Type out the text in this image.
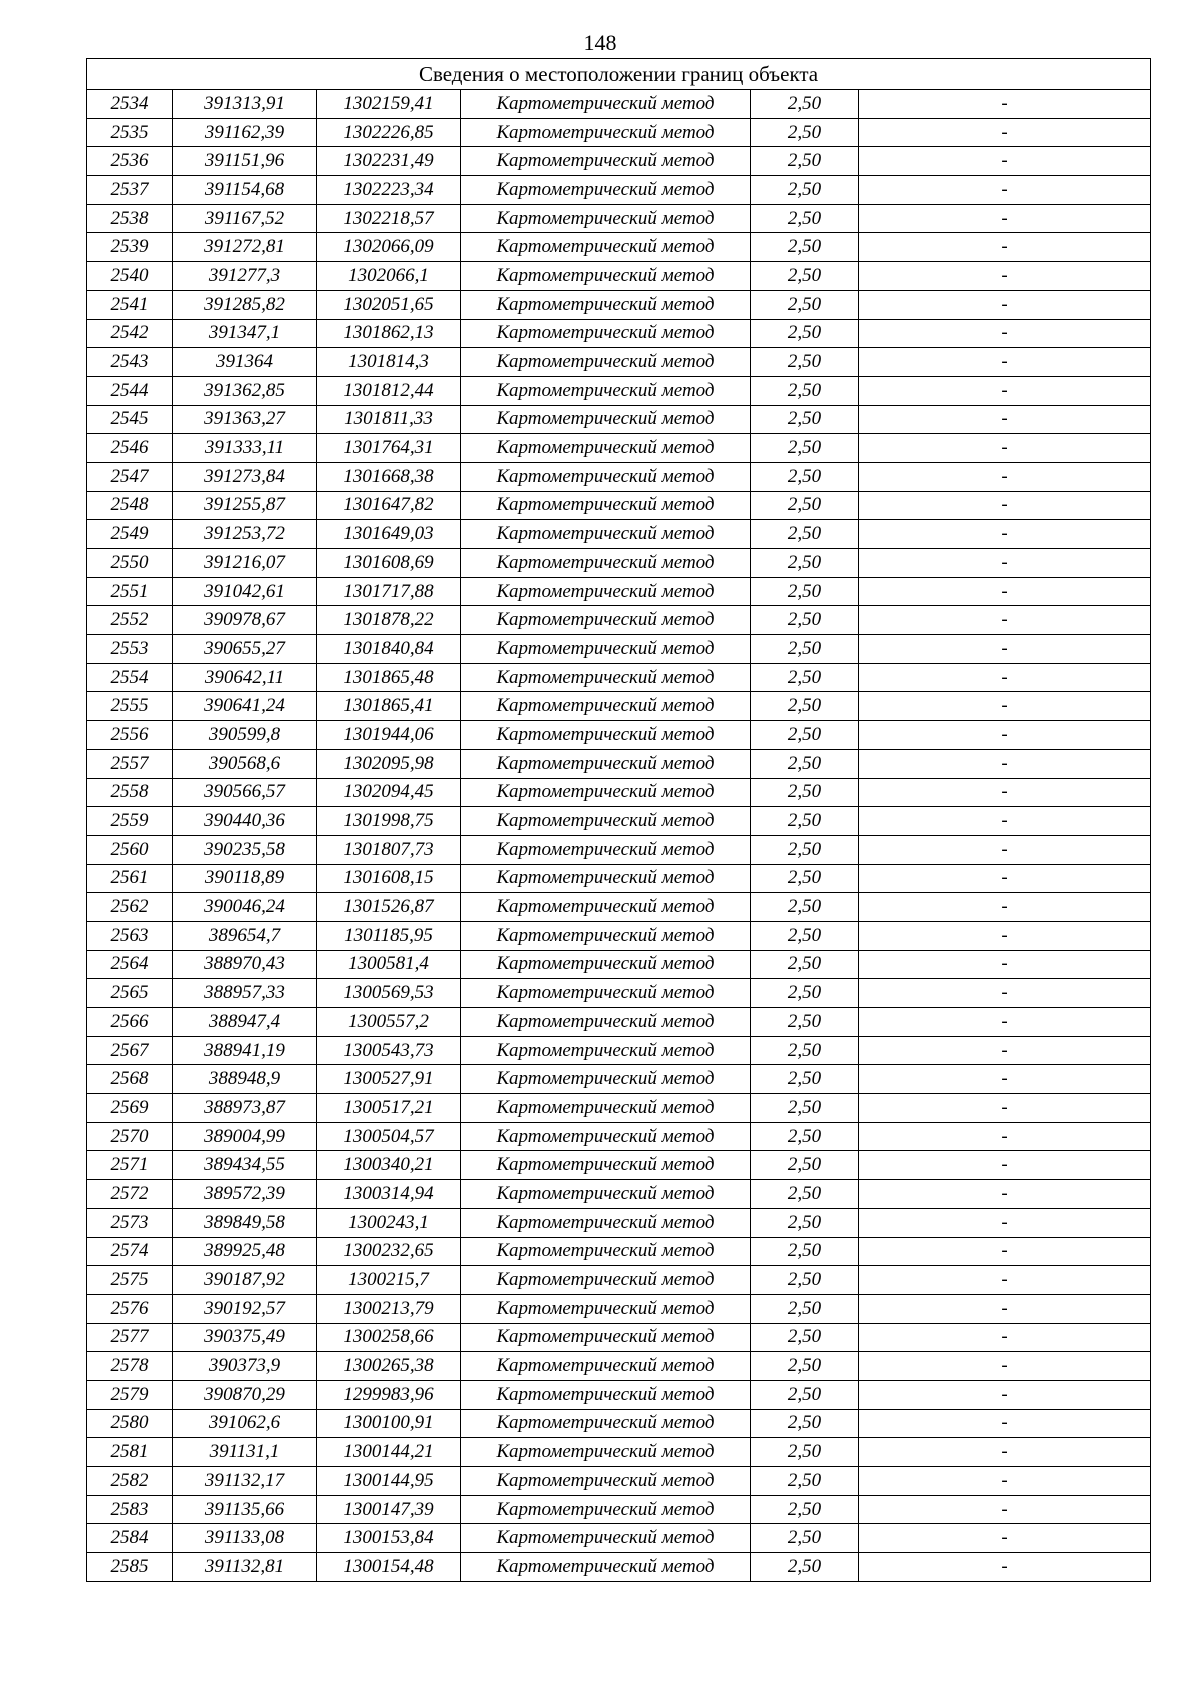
148
Сведения о местоположении границ объекта					
2534	391313,91	1302159,41	Картометрический метод	2,50	-
2535	391162,39	1302226,85	Картометрический метод	2,50	-
2536	391151,96	1302231,49	Картометрический метод	2,50	-
2537	391154,68	1302223,34	Картометрический метод	2,50	-
2538	391167,52	1302218,57	Картометрический метод	2,50	-
2539	391272,81	1302066,09	Картометрический метод	2,50	-
2540	391277,3	1302066,1	Картометрический метод	2,50	-
2541	391285,82	1302051,65	Картометрический метод	2,50	-
2542	391347,1	1301862,13	Картометрический метод	2,50	-
2543	391364	1301814,3	Картометрический метод	2,50	-
2544	391362,85	1301812,44	Картометрический метод	2,50	-
2545	391363,27	1301811,33	Картометрический метод	2,50	-
2546	391333,11	1301764,31	Картометрический метод	2,50	-
2547	391273,84	1301668,38	Картометрический метод	2,50	-
2548	391255,87	1301647,82	Картометрический метод	2,50	-
2549	391253,72	1301649,03	Картометрический метод	2,50	-
2550	391216,07	1301608,69	Картометрический метод	2,50	-
2551	391042,61	1301717,88	Картометрический метод	2,50	-
2552	390978,67	1301878,22	Картометрический метод	2,50	-
2553	390655,27	1301840,84	Картометрический метод	2,50	-
2554	390642,11	1301865,48	Картометрический метод	2,50	-
2555	390641,24	1301865,41	Картометрический метод	2,50	-
2556	390599,8	1301944,06	Картометрический метод	2,50	-
2557	390568,6	1302095,98	Картометрический метод	2,50	-
2558	390566,57	1302094,45	Картометрический метод	2,50	-
2559	390440,36	1301998,75	Картометрический метод	2,50	-
2560	390235,58	1301807,73	Картометрический метод	2,50	-
2561	390118,89	1301608,15	Картометрический метод	2,50	-
2562	390046,24	1301526,87	Картометрический метод	2,50	-
2563	389654,7	1301185,95	Картометрический метод	2,50	-
2564	388970,43	1300581,4	Картометрический метод	2,50	-
2565	388957,33	1300569,53	Картометрический метод	2,50	-
2566	388947,4	1300557,2	Картометрический метод	2,50	-
2567	388941,19	1300543,73	Картометрический метод	2,50	-
2568	388948,9	1300527,91	Картометрический метод	2,50	-
2569	388973,87	1300517,21	Картометрический метод	2,50	-
2570	389004,99	1300504,57	Картометрический метод	2,50	-
2571	389434,55	1300340,21	Картометрический метод	2,50	-
2572	389572,39	1300314,94	Картометрический метод	2,50	-
2573	389849,58	1300243,1	Картометрический метод	2,50	-
2574	389925,48	1300232,65	Картометрический метод	2,50	-
2575	390187,92	1300215,7	Картометрический метод	2,50	-
2576	390192,57	1300213,79	Картометрический метод	2,50	-
2577	390375,49	1300258,66	Картометрический метод	2,50	-
2578	390373,9	1300265,38	Картометрический метод	2,50	-
2579	390870,29	1299983,96	Картометрический метод	2,50	-
2580	391062,6	1300100,91	Картометрический метод	2,50	-
2581	391131,1	1300144,21	Картометрический метод	2,50	-
2582	391132,17	1300144,95	Картометрический метод	2,50	-
2583	391135,66	1300147,39	Картометрический метод	2,50	-
2584	391133,08	1300153,84	Картометрический метод	2,50	-
2585	391132,81	1300154,48	Картометрический метод	2,50	-
